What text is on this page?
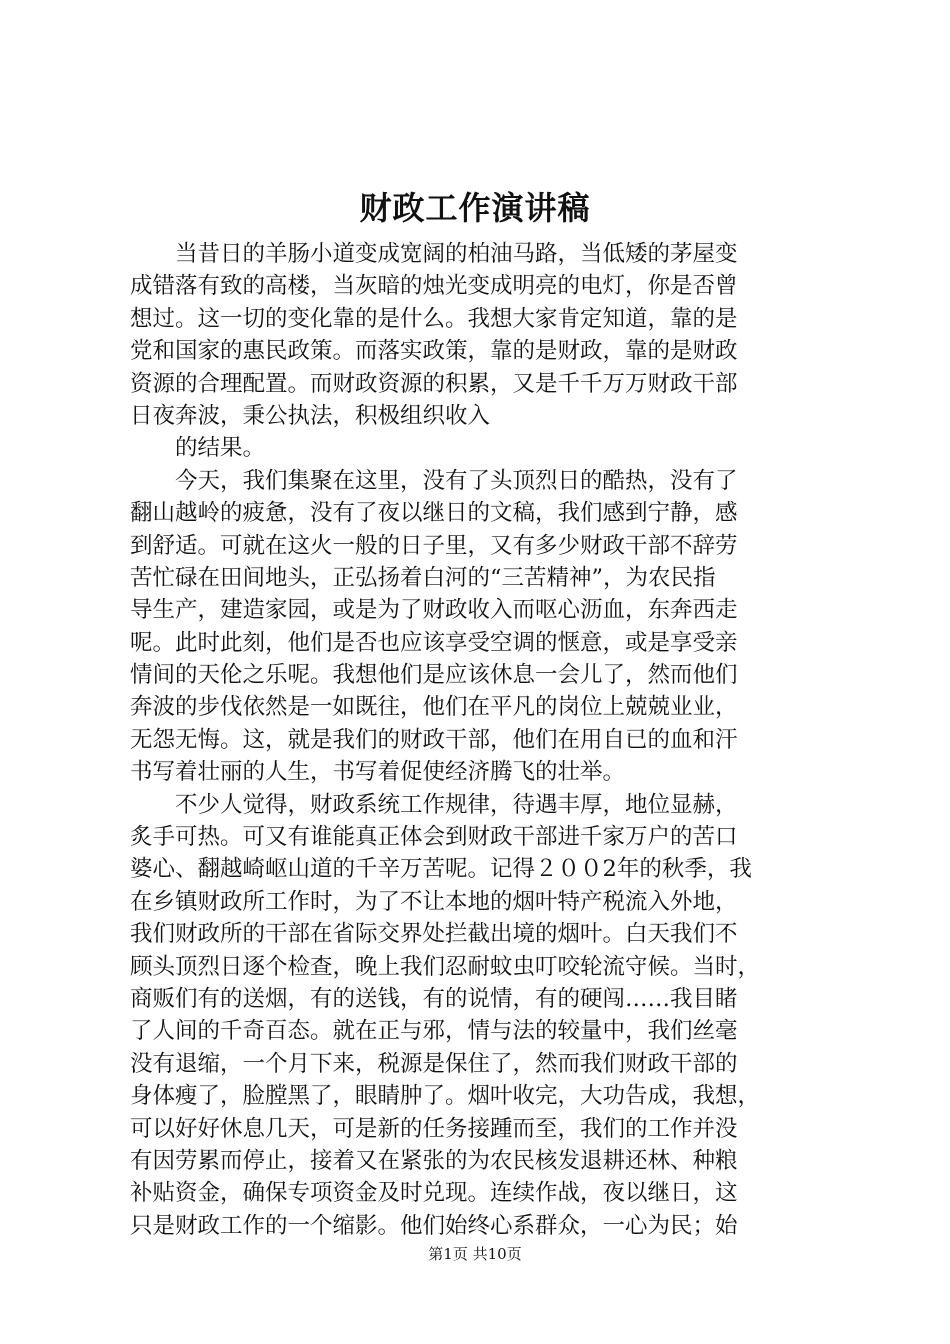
财政工作演讲稿
　　当昔日的羊肠小道变成宽阔的柏油马路，当低矮的茅屋变
成错落有致的高楼，当灰暗的烛光变成明亮的电灯，你是否曾
想过。这一切的变化靠的是什么。我想大家肯定知道，靠的是
党和国家的惠民政策。而落实政策，靠的是财政，靠的是财政
资源的合理配置。而财政资源的积累，又是千千万万财政干部
日夜奔波，秉公执法，积极组织收入
　　的结果。
　　今天，我们集聚在这里，没有了头顶烈日的酷热，没有了
翻山越岭的疲惫，没有了夜以继日的文稿，我们感到宁静，感
到舒适。可就在这火一般的日子里，又有多少财政干部不辞劳
苦忙碌在田间地头，正弘扬着白河的“三苦精神”，为农民指
导生产，建造家园，或是为了财政收入而呕心沥血，东奔西走
呢。此时此刻，他们是否也应该享受空调的惬意，或是享受亲
情间的天伦之乐呢。我想他们是应该休息一会儿了，然而他们
奔波的步伐依然是一如既往，他们在平凡的岗位上兢兢业业，
无怨无悔。这，就是我们的财政干部，他们在用自已的血和汗
书写着壮丽的人生，书写着促使经济腾飞的壮举。
　　不少人觉得，财政系统工作规律，待遇丰厚，地位显赫，
炙手可热。可又有谁能真正体会到财政干部进千家万户的苦口
婆心、翻越崎岖山道的千辛万苦呢。记得２００2年的秋季，我
在乡镇财政所工作时，为了不让本地的烟叶特产税流入外地，
我们财政所的干部在省际交界处拦截出境的烟叶。白天我们不
顾头顶烈日逐个检查，晚上我们忍耐蚊虫叮咬轮流守候。当时，
商贩们有的送烟，有的送钱，有的说情，有的硬闯……我目睹
了人间的千奇百态。就在正与邪，情与法的较量中，我们丝毫
没有退缩，一个月下来，税源是保住了，然而我们财政干部的
身体瘦了，脸膛黑了，眼睛肿了。烟叶收完，大功告成，我想，
可以好好休息几天，可是新的任务接踵而至，我们的工作并没
有因劳累而停止，接着又在紧张的为农民核发退耕还林、种粮
补贴资金，确保专项资金及时兑现。连续作战，夜以继日，这
只是财政工作的一个缩影。他们始终心系群众，一心为民；始
第1页 共10页
